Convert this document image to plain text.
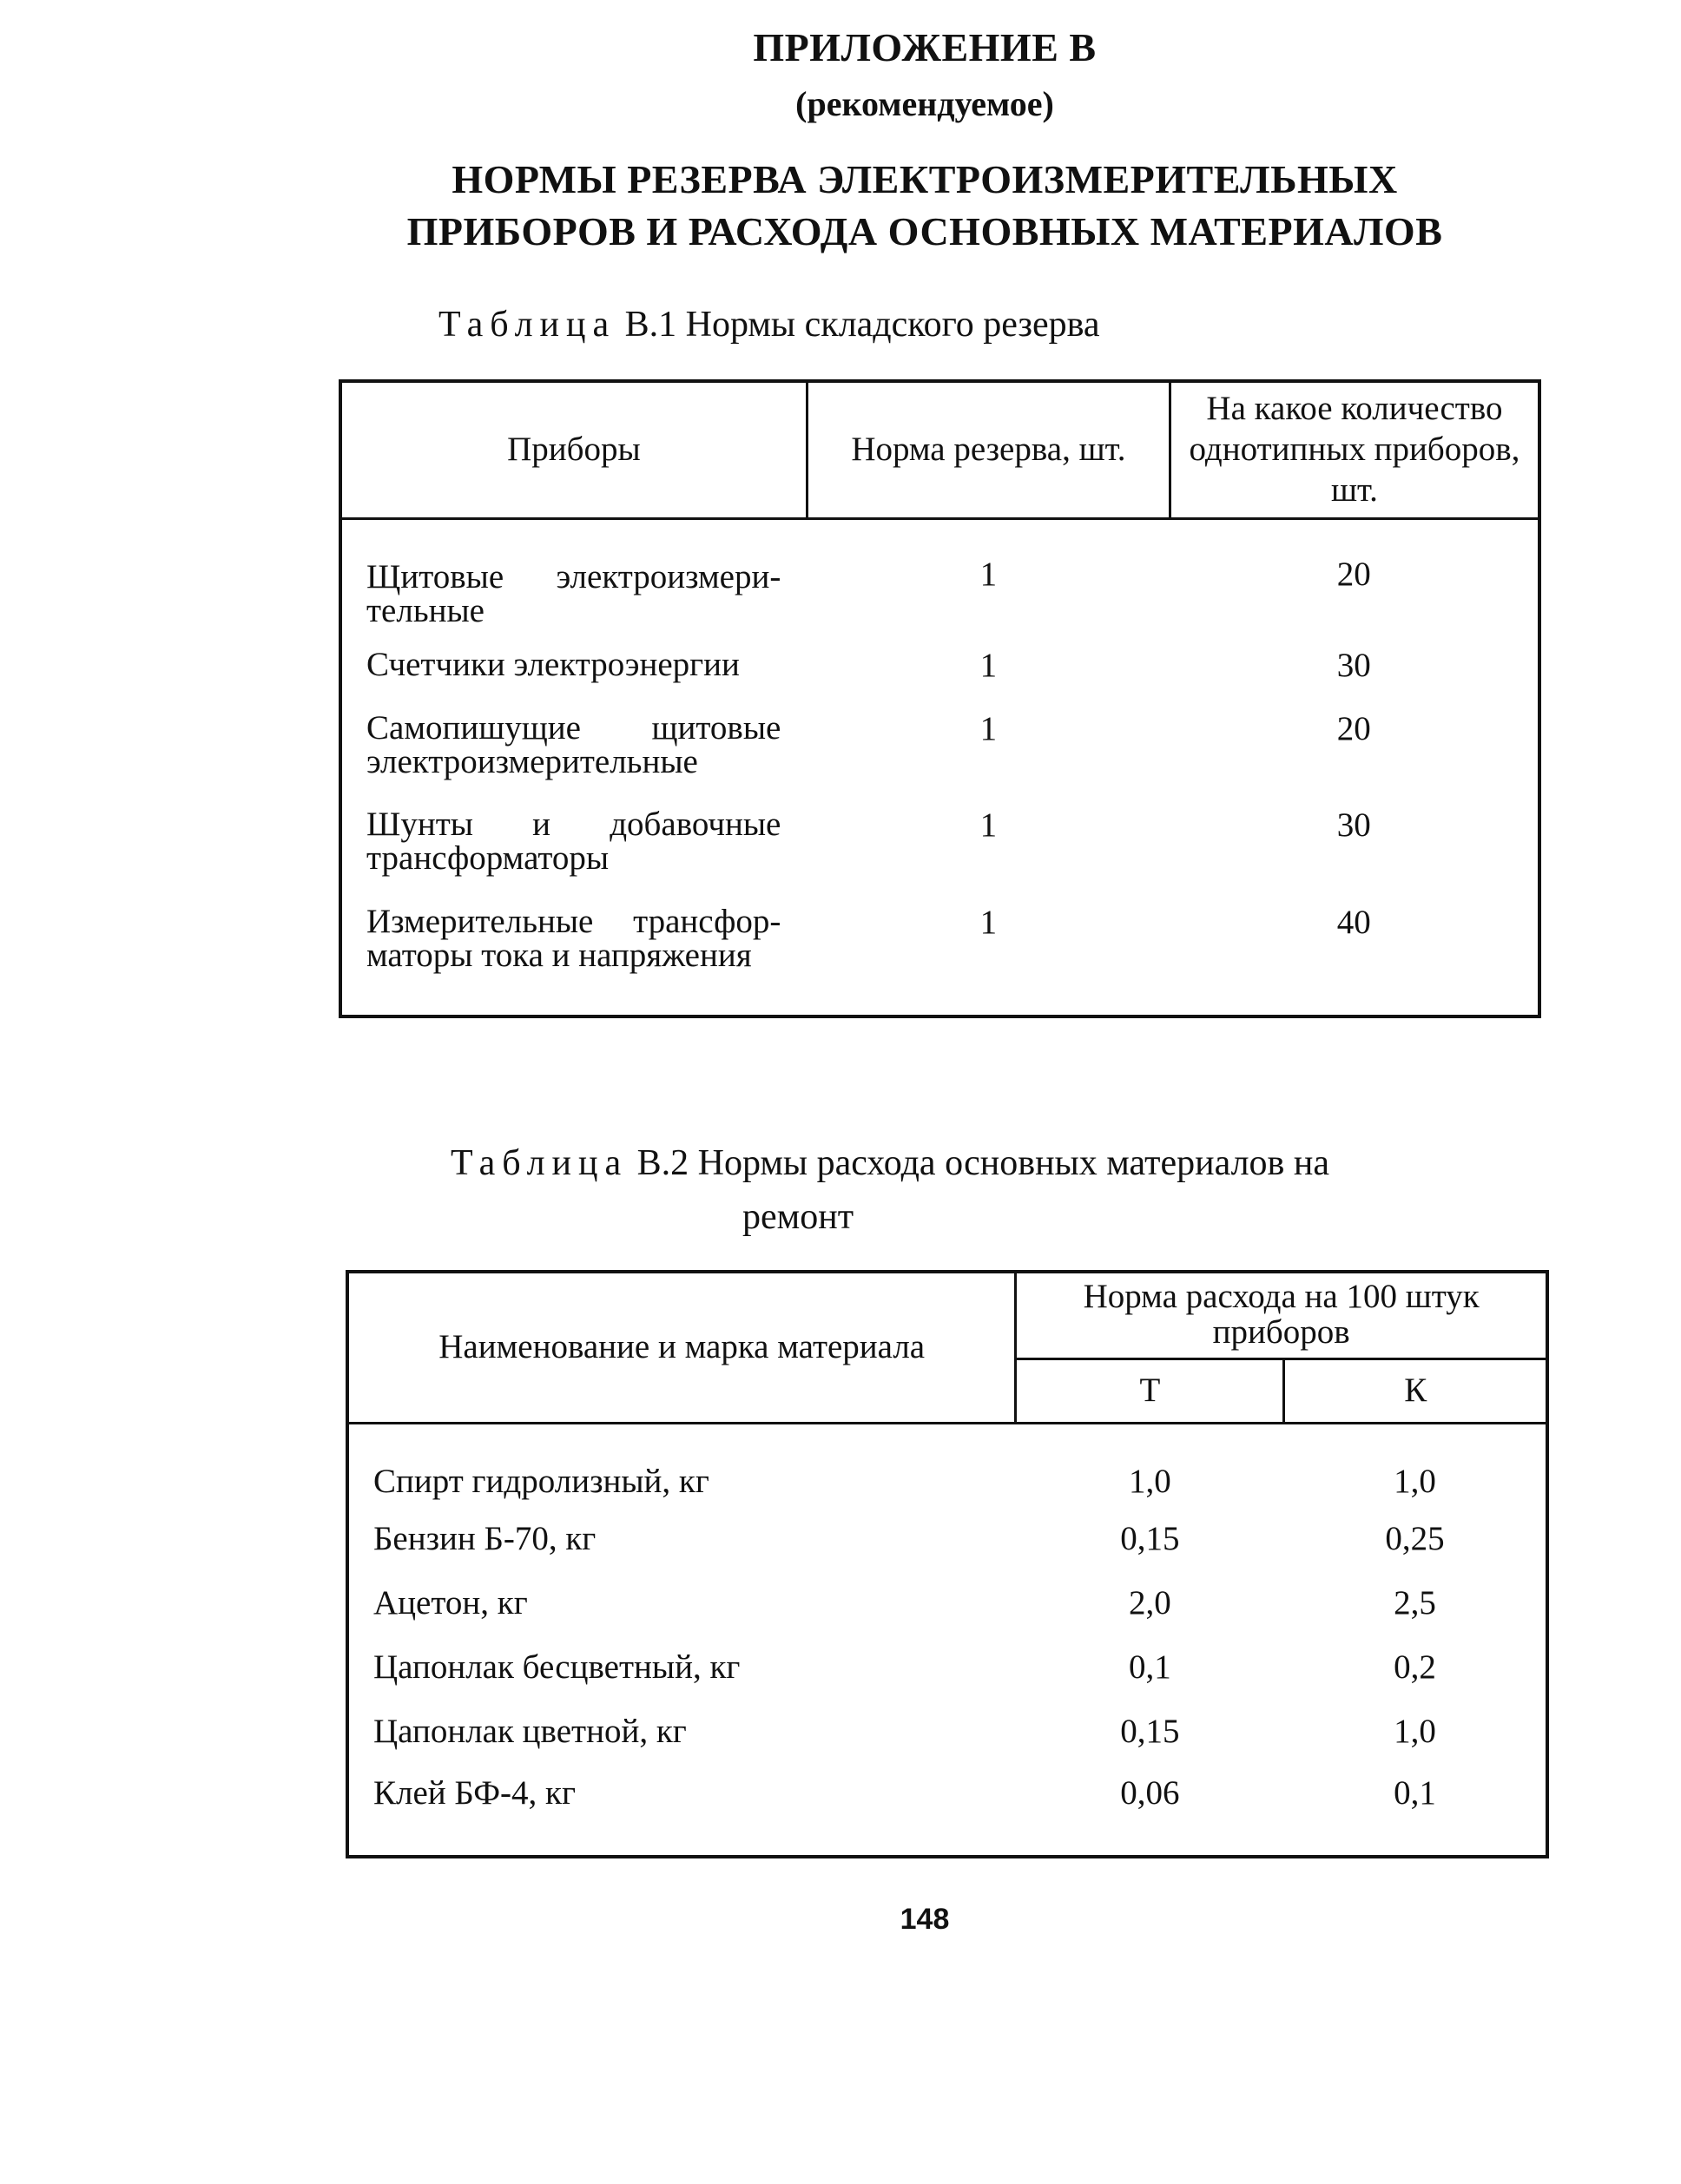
ПРИЛОЖЕНИЕ В
(рекомендуемое)
НОРМЫ РЕЗЕРВА ЭЛЕКТРОИЗМЕРИТЕЛЬНЫХ
ПРИБОРОВ И РАСХОДА ОСНОВНЫХ МАТЕРИАЛОВ
Таблица В.1 Нормы складского резерва
Приборы	Норма резерва, шт.	На какое количество однотипных приборов, шт.
Щитовые электроизмери- тельные	1	20
Счетчики электроэнергии	1	30
Самопишущие щитовые электроизмерительные	1	20
Шунты и добавочные трансформаторы	1	30
Измерительные трансфор- маторы тока и напряжения	1	40
Таблица В.2 Нормы расхода основных материалов на
ремонт
Наименование и марка материала	Норма расхода на 100 штук приборов	
	Т	К
Спирт гидролизный, кг	1,0	1,0
Бензин Б-70, кг	0,15	0,25
Ацетон, кг	2,0	2,5
Цапонлак бесцветный, кг	0,1	0,2
Цапонлак цветной, кг	0,15	1,0
Клей БФ-4, кг	0,06	0,1
148
